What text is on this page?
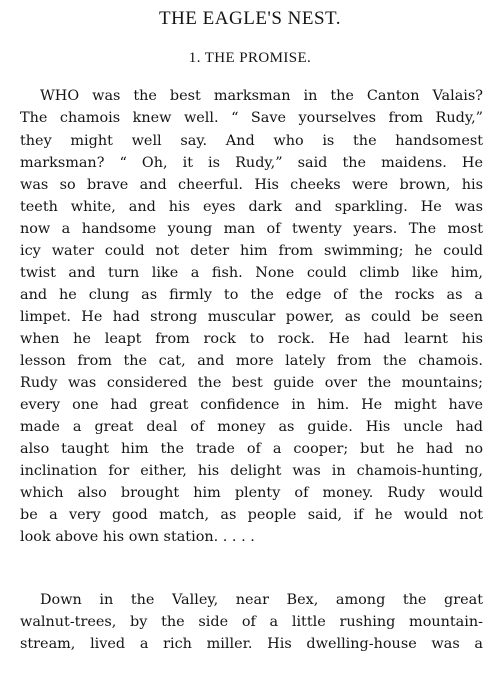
THE EAGLE'S NEST.
1. THE PROMISE.
WHO was the best marksman in the Canton Valais?
The chamois knew well. “ Save yourselves from Rudy,”
they might well say. And who is the handsomest
marksman? “ Oh, it is Rudy,” said the maidens. He
was so brave and cheerful. His cheeks were brown, his
teeth white, and his eyes dark and sparkling. He was
now a handsome young man of twenty years. The most
icy water could not deter him from swimming; he could
twist and turn like a fish. None could climb like him,
and he clung as firmly to the edge of the rocks as a
limpet. He had strong muscular power, as could be seen
when he leapt from rock to rock. He had learnt his
lesson from the cat, and more lately from the chamois.
Rudy was considered the best guide over the mountains;
every one had great confidence in him. He might have
made a great deal of money as guide. His uncle had
also taught him the trade of a cooper; but he had no
inclination for either, his delight was in chamois-hunting,
which also brought him plenty of money. Rudy would
be a very good match, as people said, if he would not
look above his own station. . . . .
Down in the Valley, near Bex, among the great
walnut-trees, by the side of a little rushing mountain-
stream, lived a rich miller. His dwelling-house was a
